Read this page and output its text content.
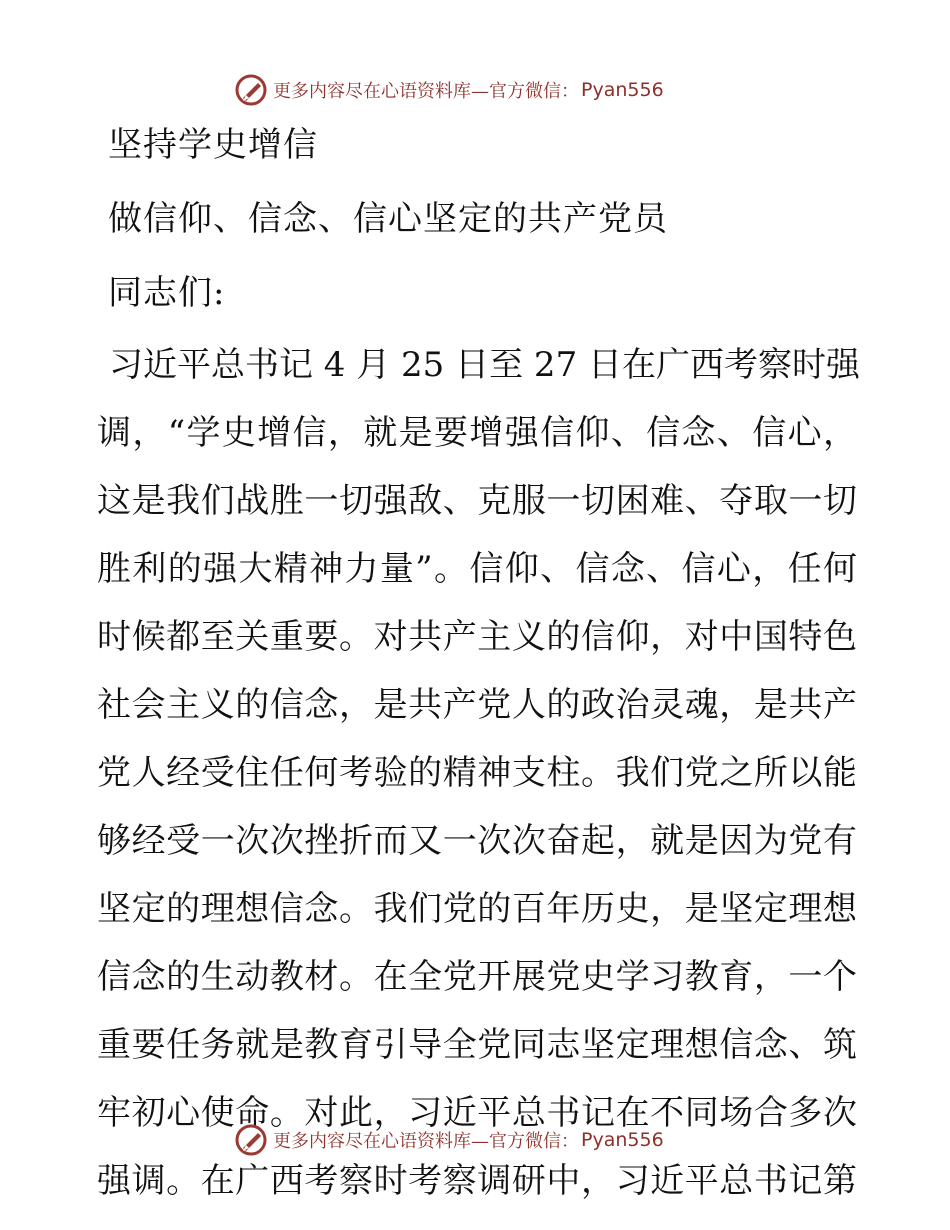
更多内容尽在心语资料库—官方微信： Pyan556
坚持学史增信
做信仰、信念、信心坚定的共产党员
同志们:
习近平总书记 4 月 25 日至 27 日在广西考察时强
调，“学史增信，就是要增强信仰、信念、信心，
这是我们战胜一切强敌、克服一切困难、夺取一切
胜利的强大精神力量”。信仰、信念、信心，任何
时候都至关重要。对共产主义的信仰，对中国特色
社会主义的信念，是共产党人的政治灵魂，是共产
党人经受住任何考验的精神支柱。我们党之所以能
够经受一次次挫折而又一次次奋起，就是因为党有
坚定的理想信念。我们党的百年历史，是坚定理想
信念的生动教材。在全党开展党史学习教育，一个
重要任务就是教育引导全党同志坚定理想信念、筑
牢初心使命。对此，习近平总书记在不同场合多次
强调。在广西考察时考察调研中，习近平总书记第
更多内容尽在心语资料库—官方微信： Pyan556
